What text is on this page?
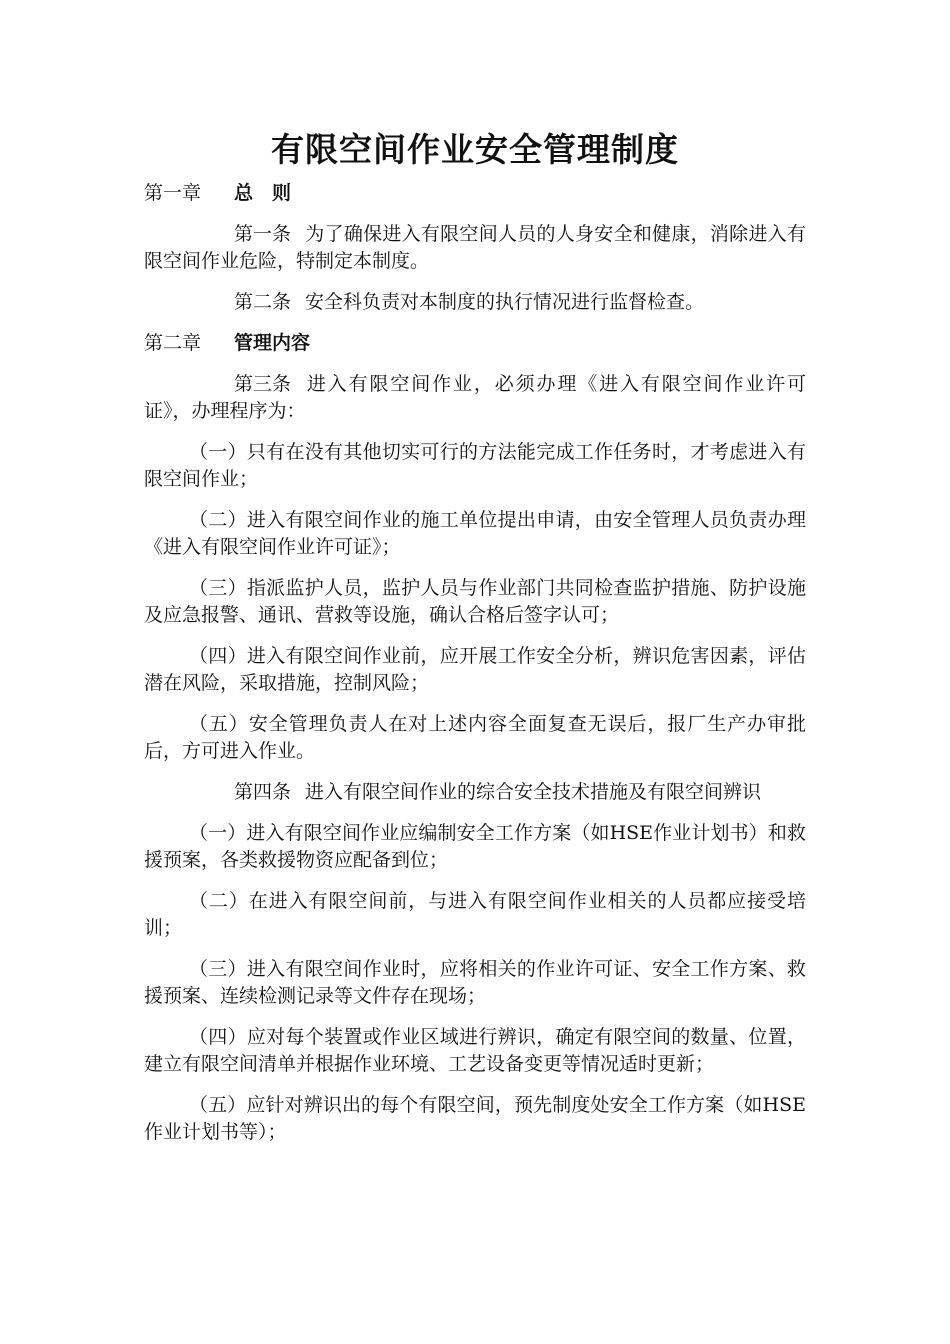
有限空间作业安全管理制度
第一章 总　则

第一条 为了确保进入有限空间人员的人身安全和健康，消除进入有限空间作业危险，特制定本制度。

第二条 安全科负责对本制度的执行情况进行监督检查。

第二章 管理内容

第三条 进入有限空间作业，必须办理《进入有限空间作业许可证》，办理程序为：

（一）只有在没有其他切实可行的方法能完成工作任务时，才考虑进入有限空间作业；

（二）进入有限空间作业的施工单位提出申请，由安全管理人员负责办理《进入有限空间作业许可证》；

（三）指派监护人员，监护人员与作业部门共同检查监护措施、防护设施及应急报警、通讯、营救等设施，确认合格后签字认可；

（四）进入有限空间作业前，应开展工作安全分析，辨识危害因素，评估潜在风险，采取措施，控制风险；

（五）安全管理负责人在对上述内容全面复查无误后，报厂生产办审批后，方可进入作业。

第四条 进入有限空间作业的综合安全技术措施及有限空间辨识

（一）进入有限空间作业应编制安全工作方案（如HSE作业计划书）和救援预案，各类救援物资应配备到位；

（二）在进入有限空间前，与进入有限空间作业相关的人员都应接受培训；

（三）进入有限空间作业时，应将相关的作业许可证、安全工作方案、救援预案、连续检测记录等文件存在现场；

（四）应对每个装置或作业区域进行辨识，确定有限空间的数量、位置，建立有限空间清单并根据作业环境、工艺设备变更等情况适时更新；

（五）应针对辨识出的每个有限空间，预先制度处安全工作方案（如HSE作业计划书等）；
